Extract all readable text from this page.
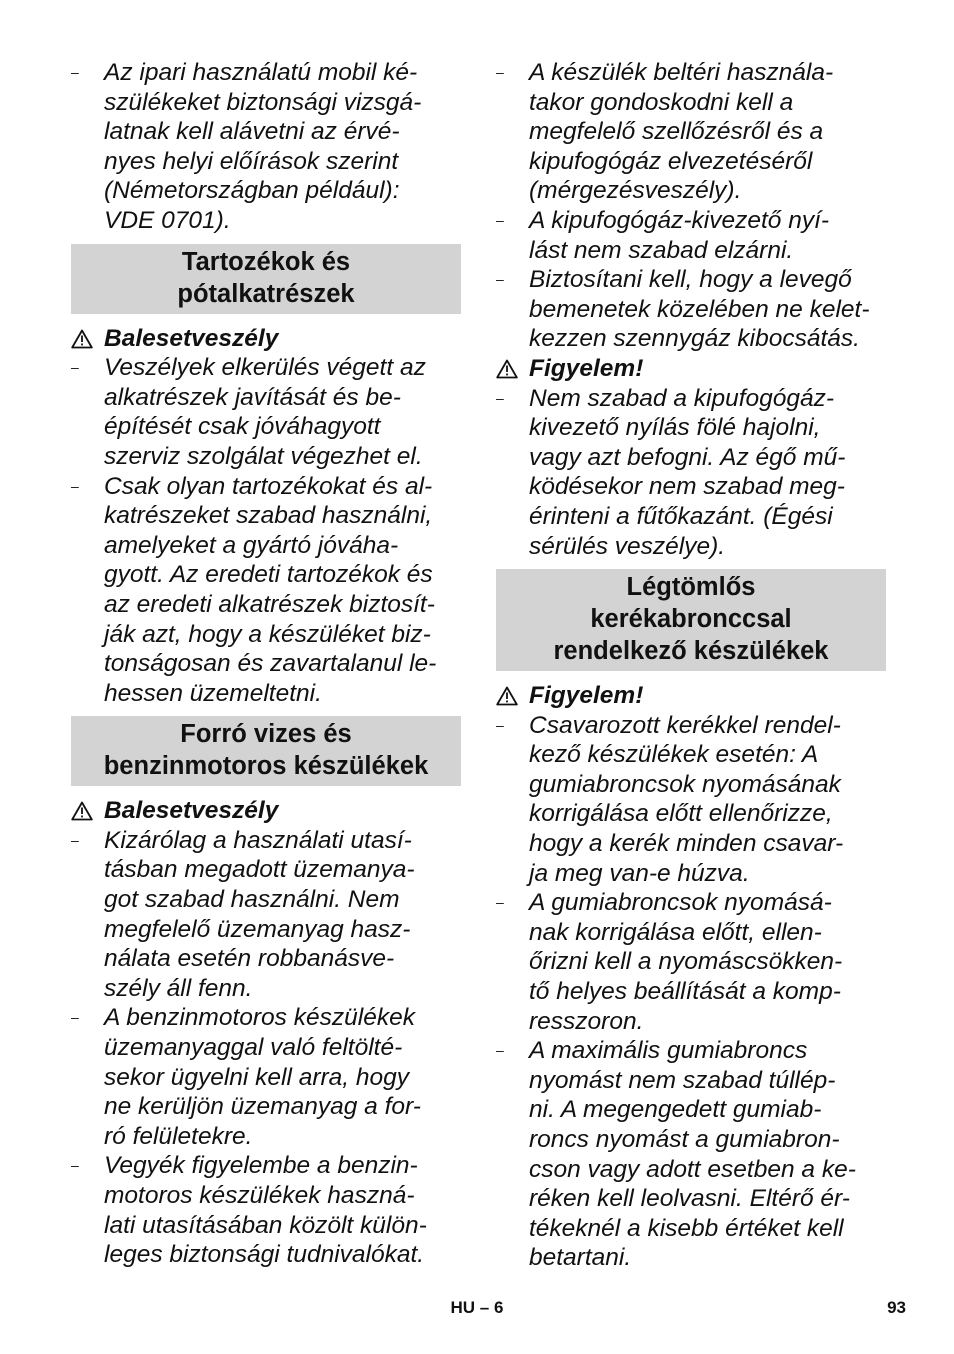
– Az ipari használatú mobil ké-
szülékeket biztonsági vizsgá-
latnak kell alávetni az érvé-
nyes helyi előírások szerint
(Németországban például):
VDE 0701).
Tartozékok és
pótalkatrészek
Balesetveszély
– Veszélyek elkerülés végett az
alkatrészek javítását és be-
építését csak jóváhagyott
szerviz szolgálat végezhet el.
– Csak olyan tartozékokat és al-
katrészeket szabad használni,
amelyeket a gyártó jóváha-
gyott. Az eredeti tartozékok és
az eredeti alkatrészek biztosít-
ják azt, hogy a készüléket biz-
tonságosan és zavartalanul le-
hessen üzemeltetni.
Forró vizes és
benzinmotoros készülékek
Balesetveszély
– Kizárólag a használati utasí-
tásban megadott üzemanya-
got szabad használni. Nem
megfelelő üzemanyag hasz-
nálata esetén robbanásve-
szély áll fenn.
– A benzinmotoros készülékek
üzemanyaggal való feltölté-
sekor ügyelni kell arra, hogy
ne kerüljön üzemanyag a for-
ró felületekre.
– Vegyék figyelembe a benzin-
motoros készülékek haszná-
lati utasításában közölt külön-
leges biztonsági tudnivalókat.
– A készülék beltéri használa-
takor gondoskodni kell a
megfelelő szellőzésről és a
kipufogógáz elvezetéséről
(mérgezésveszély).
– A kipufogógáz-kivezető nyí-
lást nem szabad elzárni.
– Biztosítani kell, hogy a levegő
bemenetek közelében ne kelet-
kezzen szennygáz kibocsátás.
Figyelem!
– Nem szabad a kipufogógáz-
kivezető nyílás fölé hajolni,
vagy azt befogni. Az égő mű-
ködésekor nem szabad meg-
érinteni a fűtőkazánt. (Égési
sérülés veszélye).
Légtömlős
kerékabronccsal
rendelkező készülékek
Figyelem!
– Csavarozott kerékkel rendel-
kező készülékek esetén: A
gumiabroncsok nyomásának
korrigálása előtt ellenőrizze,
hogy a kerék minden csavar-
ja meg van-e húzva.
– A gumiabroncsok nyomásá-
nak korrigálása előtt, ellen-
őrizni kell a nyomáscsökken-
tő helyes beállítását a komp-
resszoron.
– A maximális gumiabroncs
nyomást nem szabad túllép-
ni. A megengedett gumiab-
roncs nyomást a gumiabron-
cson vagy adott esetben a ke-
réken kell leolvasni. Eltérő ér-
tékeknél a kisebb értéket kell
betartani.
HU – 6	93
